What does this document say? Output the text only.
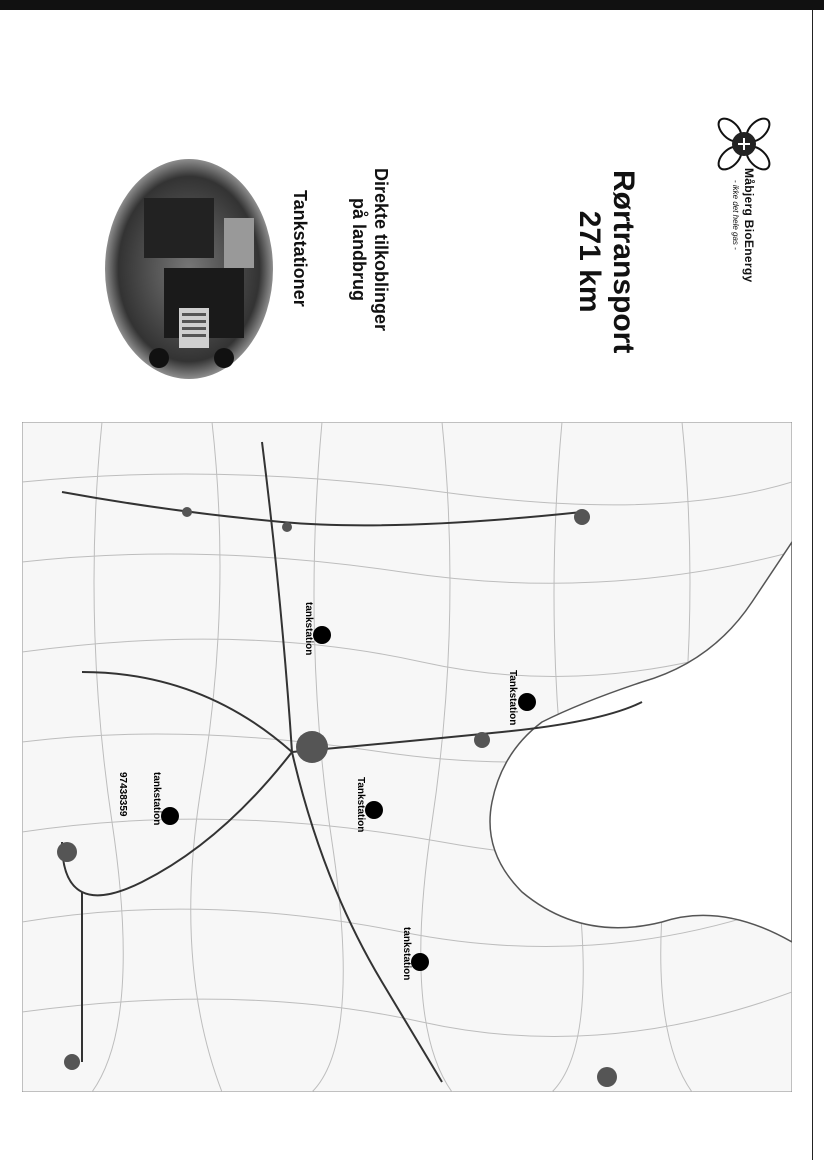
Måbjerg BioEnergy
- ikke det hele gas -
Rørtransport
271 km
Direkte tilkoblinger
på landbrug
Tankstationer
tankstation
Tankstation
Tankstation
tankstation
97438359
tankstation
